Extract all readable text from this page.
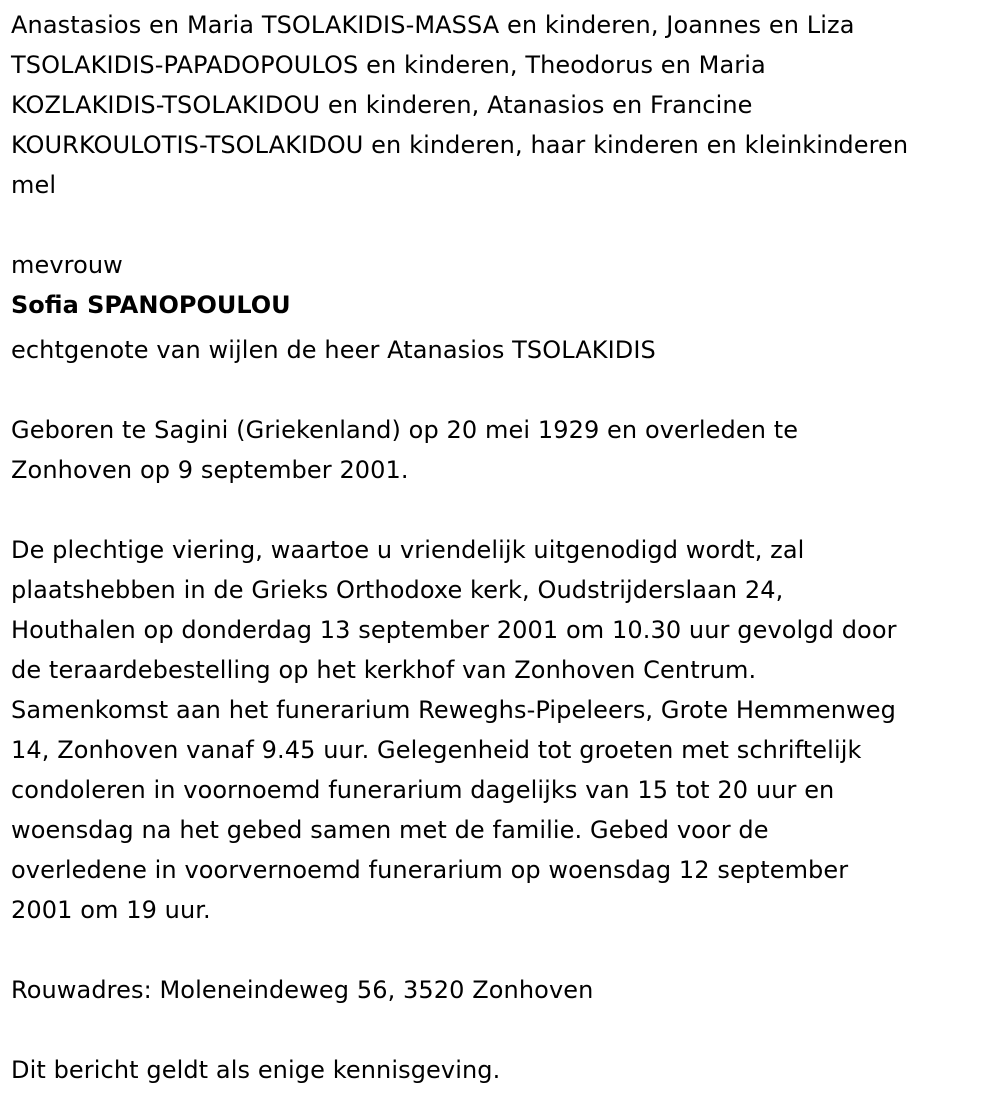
Anastasios en Maria TSOLAKIDIS-MASSA en kinderen, Joannes en Liza
TSOLAKIDIS-PAPADOPOULOS en kinderen, Theodorus en Maria
KOZLAKIDIS-TSOLAKIDOU en kinderen, Atanasios en Francine
KOURKOULOTIS-TSOLAKIDOU en kinderen, haar kinderen en kleinkinderen
mel
mevrouw
Sofia SPANOPOULOU
echtgenote van wijlen de heer Atanasios TSOLAKIDIS
Geboren te Sagini (Griekenland) op 20 mei 1929 en overleden te
Zonhoven op 9 september 2001.
De plechtige viering, waartoe u vriendelijk uitgenodigd wordt, zal
plaatshebben in de Grieks Orthodoxe kerk, Oudstrijderslaan 24,
Houthalen op donderdag 13 september 2001 om 10.30 uur gevolgd door
de teraardebestelling op het kerkhof van Zonhoven Centrum.
Samenkomst aan het funerarium Reweghs-Pipeleers, Grote Hemmenweg
14, Zonhoven vanaf 9.45 uur. Gelegenheid tot groeten met schriftelijk
condoleren in voornoemd funerarium dagelijks van 15 tot 20 uur en
woensdag na het gebed samen met de familie. Gebed voor de
overledene in voorvernoemd funerarium op woensdag 12 september
2001 om 19 uur.
Rouwadres: Moleneindeweg 56, 3520 Zonhoven
Dit bericht geldt als enige kennisgeving.
